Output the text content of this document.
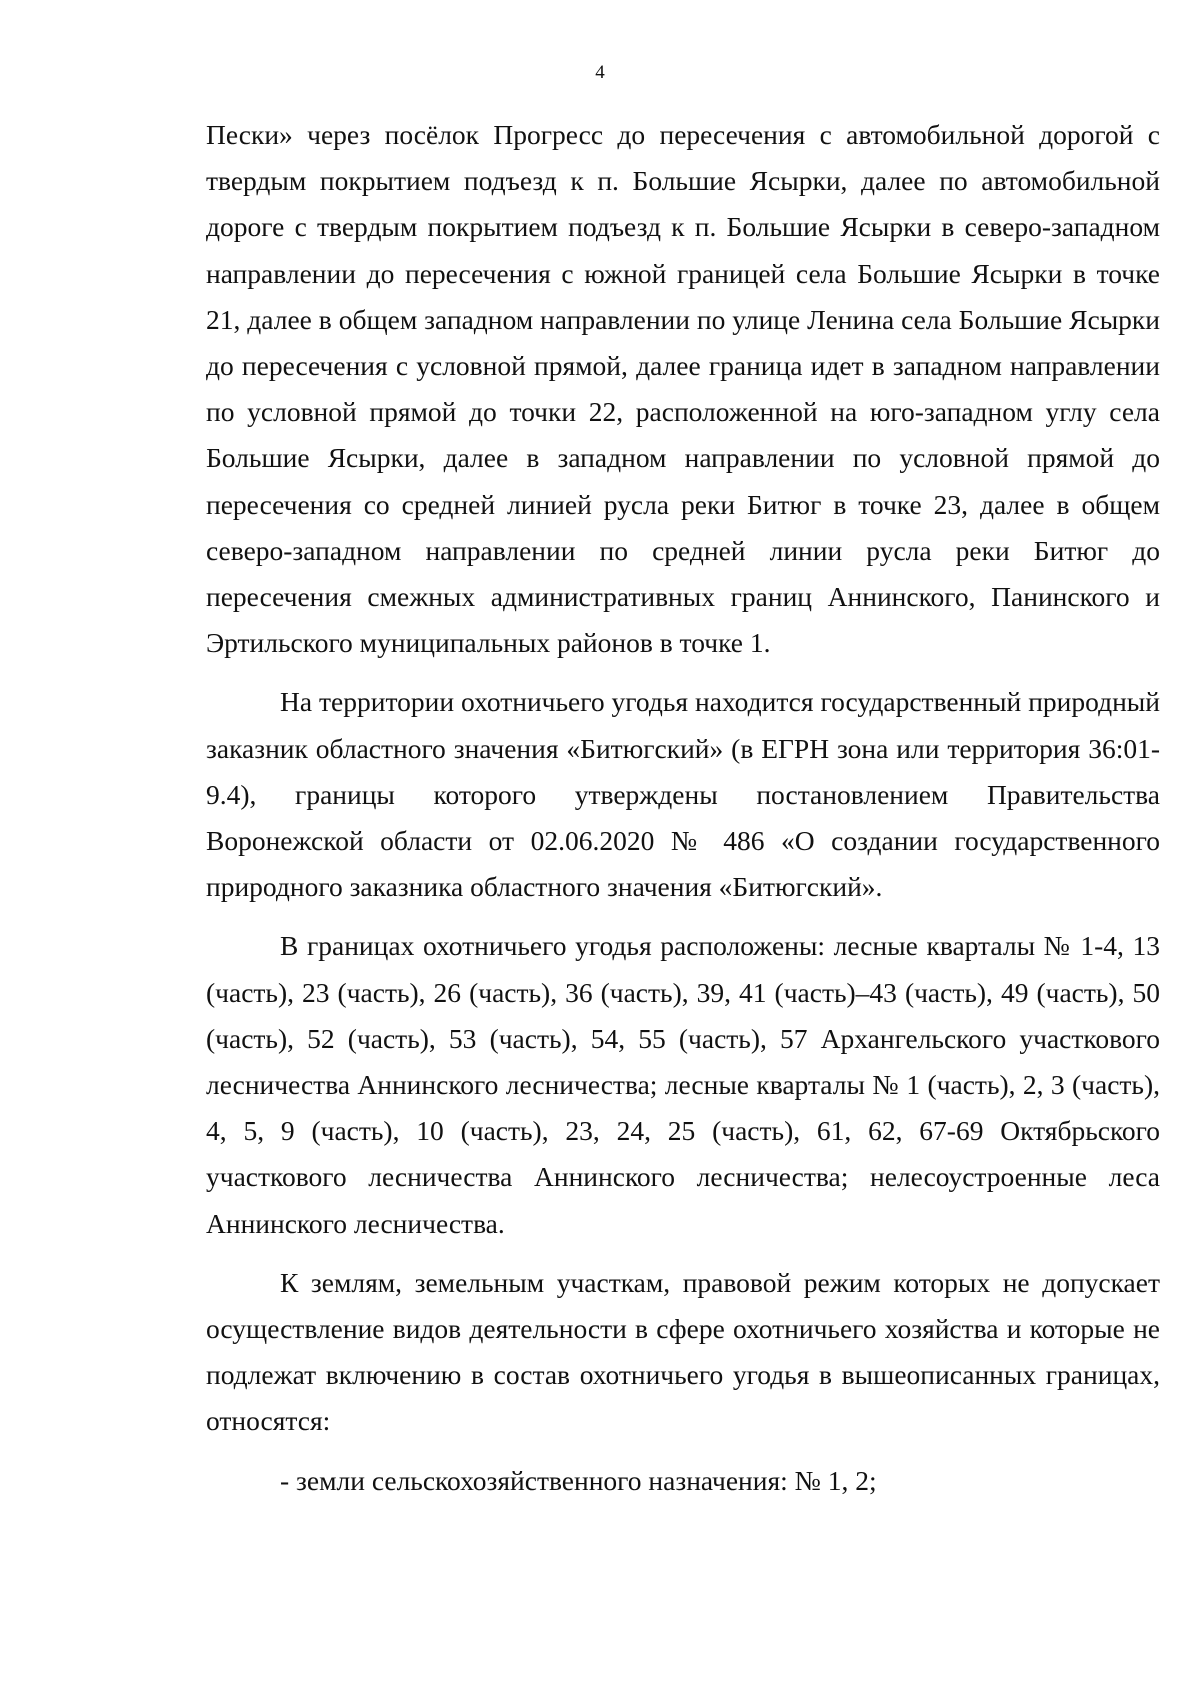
4

Пески» через посёлок Прогресс до пересечения с автомобильной дорогой с твердым покрытием подъезд к п. Большие Ясырки, далее по автомобильной дороге с твердым покрытием подъезд к п. Большие Ясырки в северо-западном направлении до пересечения с южной границей села Большие Ясырки в точке 21, далее в общем западном направлении по улице Ленина села Большие Ясырки до пересечения с условной прямой, далее граница идет в западном направлении по условной прямой до точки 22, расположенной на юго-западном углу села Большие Ясырки, далее в западном направлении по условной прямой до пересечения со средней линией русла реки Битюг в точке 23, далее в общем северо-западном направлении по средней линии русла реки Битюг до пересечения смежных административных границ Аннинского, Панинского и Эртильского муниципальных районов в точке 1.

На территории охотничьего угодья находится государственный природный заказник областного значения «Битюгский» (в ЕГРН зона или территория 36:01-9.4), границы которого утверждены постановлением Правительства Воронежской области от 02.06.2020 № 486 «О создании государственного природного заказника областного значения «Битюгский».

В границах охотничьего угодья расположены: лесные кварталы № 1-4, 13 (часть), 23 (часть), 26 (часть), 36 (часть), 39, 41 (часть)–43 (часть), 49 (часть), 50 (часть), 52 (часть), 53 (часть), 54, 55 (часть), 57 Архангельского участкового лесничества Аннинского лесничества; лесные кварталы № 1 (часть), 2, 3 (часть), 4, 5, 9 (часть), 10 (часть), 23, 24, 25 (часть), 61, 62, 67-69 Октябрьского участкового лесничества Аннинского лесничества; нелесоустроенные леса Аннинского лесничества.

К землям, земельным участкам, правовой режим которых не допускает осуществление видов деятельности в сфере охотничьего хозяйства и которые не подлежат включению в состав охотничьего угодья в вышеописанных границах, относятся:

- земли сельскохозяйственного назначения: № 1, 2;
